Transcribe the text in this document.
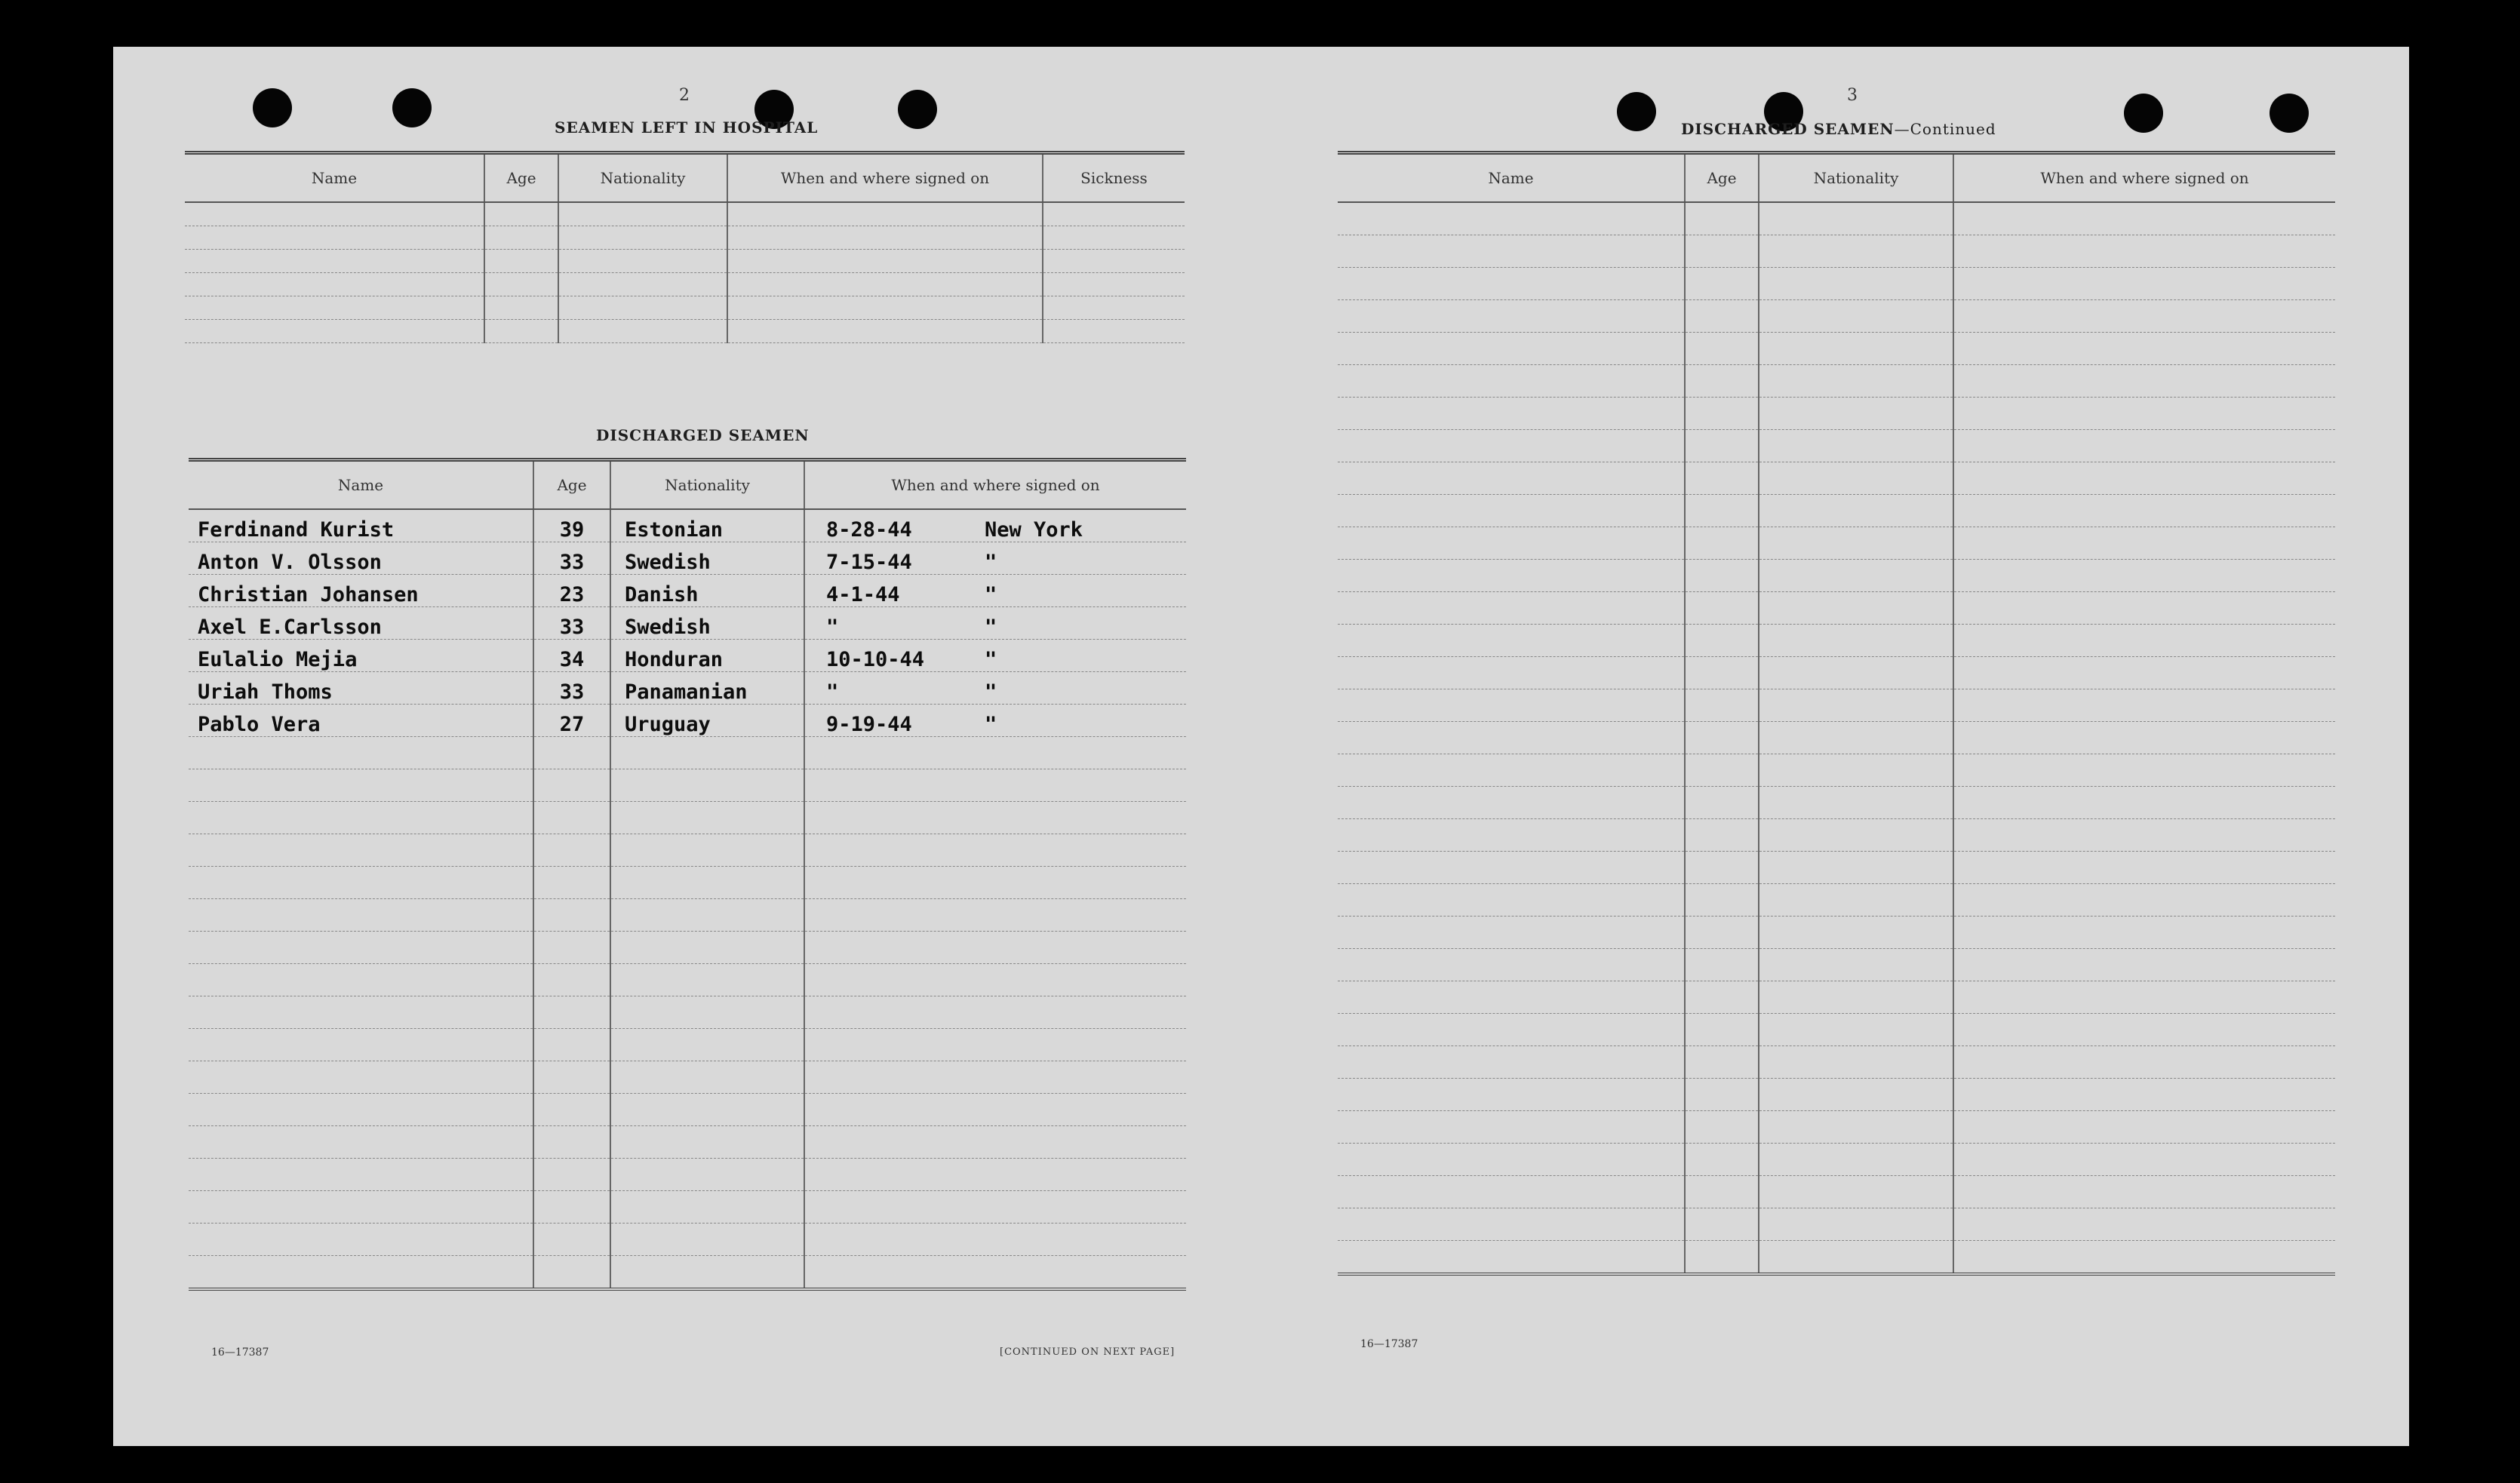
2
SEAMEN LEFT IN HOSPITAL
Name	Age	Nationality	When and where signed on	Sickness

DISCHARGED SEAMEN
Name	Age	Nationality	When and where signed on
Ferdinand Kurist	39	Estonian	8-28-44 New York
Anton V. Olsson	33	Swedish	7-15-44 "
Christian Johansen	23	Danish	4-1-44 "
Axel E.Carlsson	33	Swedish	" "
Eulalio Mejia	34	Honduran	10-10-44 "
Uriah Thoms	33	Panamanian	" "
Pablo Vera	27	Uruguay	9-19-44 "

16—17387	[CONTINUED ON NEXT PAGE]
3
DISCHARGED SEAMEN—Continued
Name	Age	Nationality	When and where signed on

16—17387
